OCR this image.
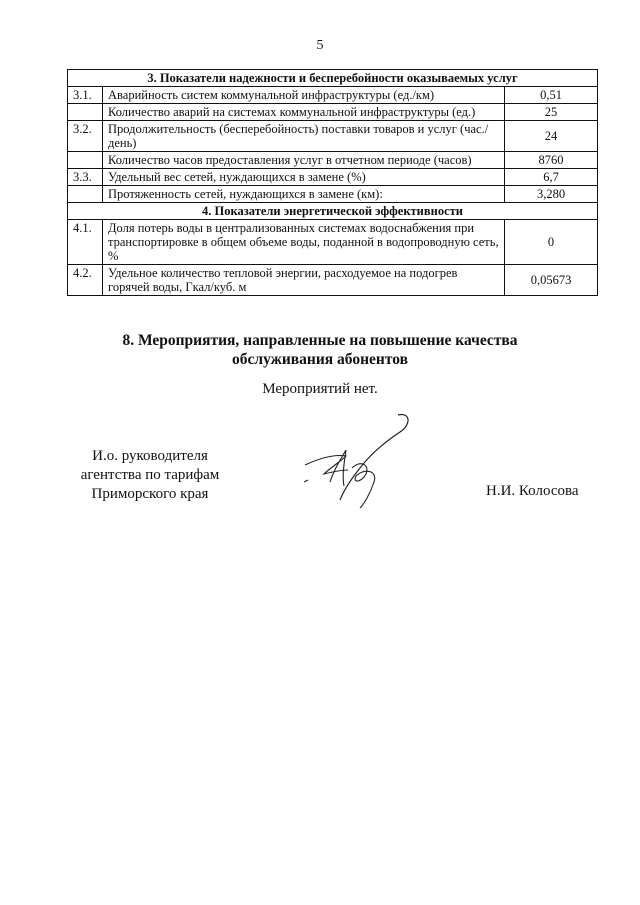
5
3. Показатели надежности и бесперебойности оказываемых услуг		
3.1.	Аварийность систем коммунальной инфраструктуры (ед./км)	0,51
	Количество аварий на системах коммунальной инфраструктуры (ед.)	25
3.2.	Продолжительность (бесперебойность) поставки товаров и услуг (час./день)	24
	Количество часов предоставления услуг в отчетном периоде (часов)	8760
3.3.	Удельный вес сетей, нуждающихся в замене (%)	6,7
	Протяженность сетей, нуждающихся в замене (км):	3,280
4. Показатели энергетической эффективности		
4.1.	Доля потерь воды в централизованных системах водоснабжения при транспортировке в общем объеме воды, поданной в водопроводную сеть, %	0
4.2.	Удельное количество тепловой энергии, расходуемое на подогрев горячей воды, Гкал/куб. м	0,05673
8. Мероприятия, направленные на повышение качества
обслуживания абонентов
Мероприятий нет.
И.о. руководителя
агентства по тарифам
Приморского края	Н.И. Колосова
